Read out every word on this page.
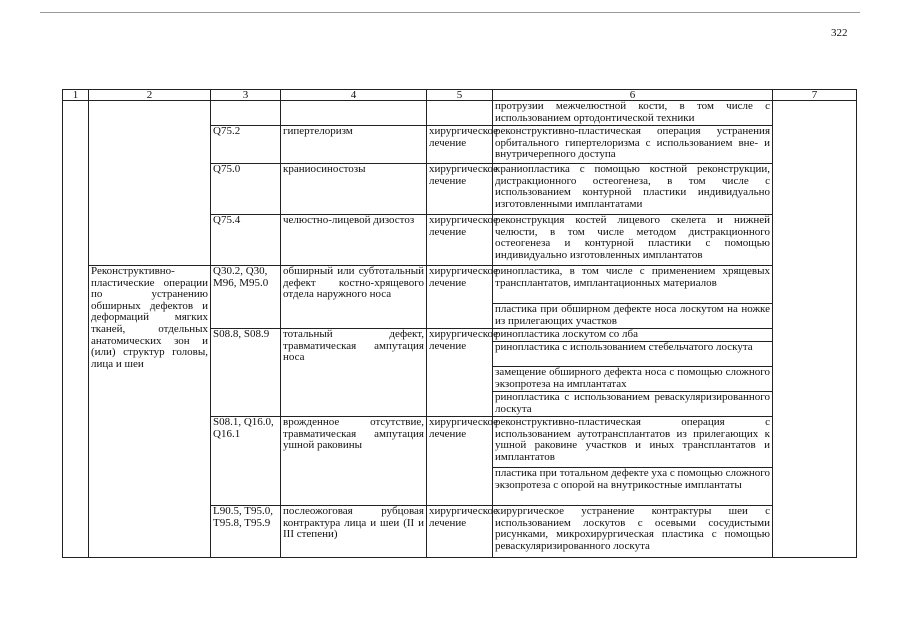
322
1	2	3	4	5	6	7
					протрузии межчелюстной кости, в том числе с использованием ортодонтической техники	
		Q75.2	гипертелоризм	хирургическое лечение	реконструктивно-пластическая операция устранения орбитального гипертелоризма с использованием вне- и внутричерепного доступа	
		Q75.0	краниосиностозы	хирургическое лечение	краниопластика с помощью костной реконструкции, дистракционного остеогенеза, в том числе с использованием контурной пластики индивидуально изготовленными имплантатами	
		Q75.4	челюстно-лицевой дизостоз	хирургическое лечение	реконструкция костей лицевого скелета и нижней челюсти, в том числе методом дистракционного остеогенеза и контурной пластики с помощью индивидуально изготовленных имплантатов	
	Реконструктивно-пластические операции по устранению обширных дефектов и деформаций мягких тканей, отдельных анатомических зон и (или) структур головы, лица и шеи	Q30.2, Q30, M96, M95.0	обширный или субтотальный дефект костно-хрящевого отдела наружного носа	хирургическое лечение	ринопластика, в том числе с применением хрящевых трансплантатов, имплантационных материалов	
					пластика при обширном дефекте носа лоскутом на ножке из прилегающих участков	
		S08.8, S08.9	тотальный дефект, травматическая ампутация носа	хирургическое лечение	ринопластика лоскутом со лба	
					ринопластика с использованием стебельчатого лоскута	
					замещение обширного дефекта носа с помощью сложного экзопротеза на имплантатах	
					ринопластика с использованием реваскуляризированного лоскута	
		S08.1, Q16.0, Q16.1	врожденное отсутствие, травматическая ампутация ушной раковины	хирургическое лечение	реконструктивно-пластическая операция с использованием аутотрансплантатов из прилегающих к ушной раковине участков и иных трансплантатов и имплантатов	
					пластика при тотальном дефекте уха с помощью сложного экзопротеза с опорой на внутрикостные имплантаты	
		L90.5, T95.0, T95.8, T95.9	послеожоговая рубцовая контрактура лица и шеи (II и III степени)	хирургическое лечение	хирургическое устранение контрактуры шеи с использованием лоскутов с осевыми сосудистыми рисунками, микрохирургическая пластика с помощью реваскуляризированного лоскута	
